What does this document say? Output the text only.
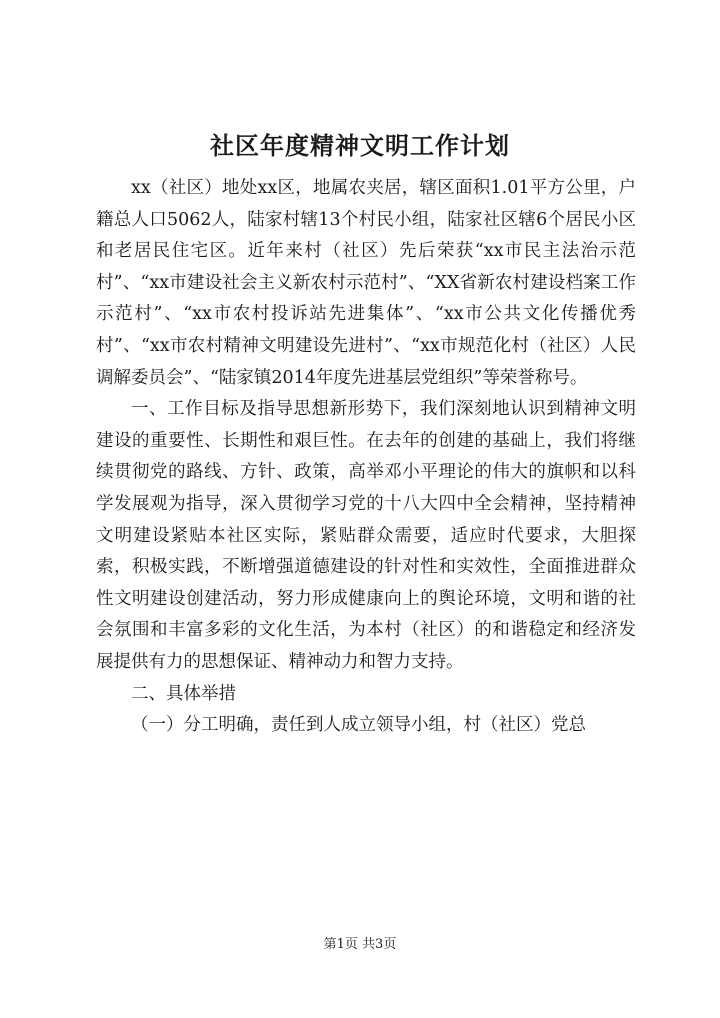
社区年度精神文明工作计划

xx（社区）地处xx区，地属农夹居，辖区面积1.01平方公里，户籍总人口5062人，陆家村辖13个村民小组，陆家社区辖6个居民小区和老居民住宅区。近年来村（社区）先后荣获“xx市民主法治示范村”、“xx市建设社会主义新农村示范村”、“XX省新农村建设档案工作示范村”、“xx市农村投诉站先进集体”、“xx市公共文化传播优秀村”、“xx市农村精神文明建设先进村”、“xx市规范化村（社区）人民调解委员会”、“陆家镇2014年度先进基层党组织”等荣誉称号。

一、工作目标及指导思想新形势下，我们深刻地认识到精神文明建设的重要性、长期性和艰巨性。在去年的创建的基础上，我们将继续贯彻党的路线、方针、政策，高举邓小平理论的伟大的旗帜和以科学发展观为指导，深入贯彻学习党的十八大四中全会精神，坚持精神文明建设紧贴本社区实际，紧贴群众需要，适应时代要求，大胆探索，积极实践，不断增强道德建设的针对性和实效性，全面推进群众性文明建设创建活动，努力形成健康向上的舆论环境，文明和谐的社会氛围和丰富多彩的文化生活，为本村（社区）的和谐稳定和经济发展提供有力的思想保证、精神动力和智力支持。

二、具体举措

（一）分工明确，责任到人成立领导小组，村（社区）党总

第1页 共3页
